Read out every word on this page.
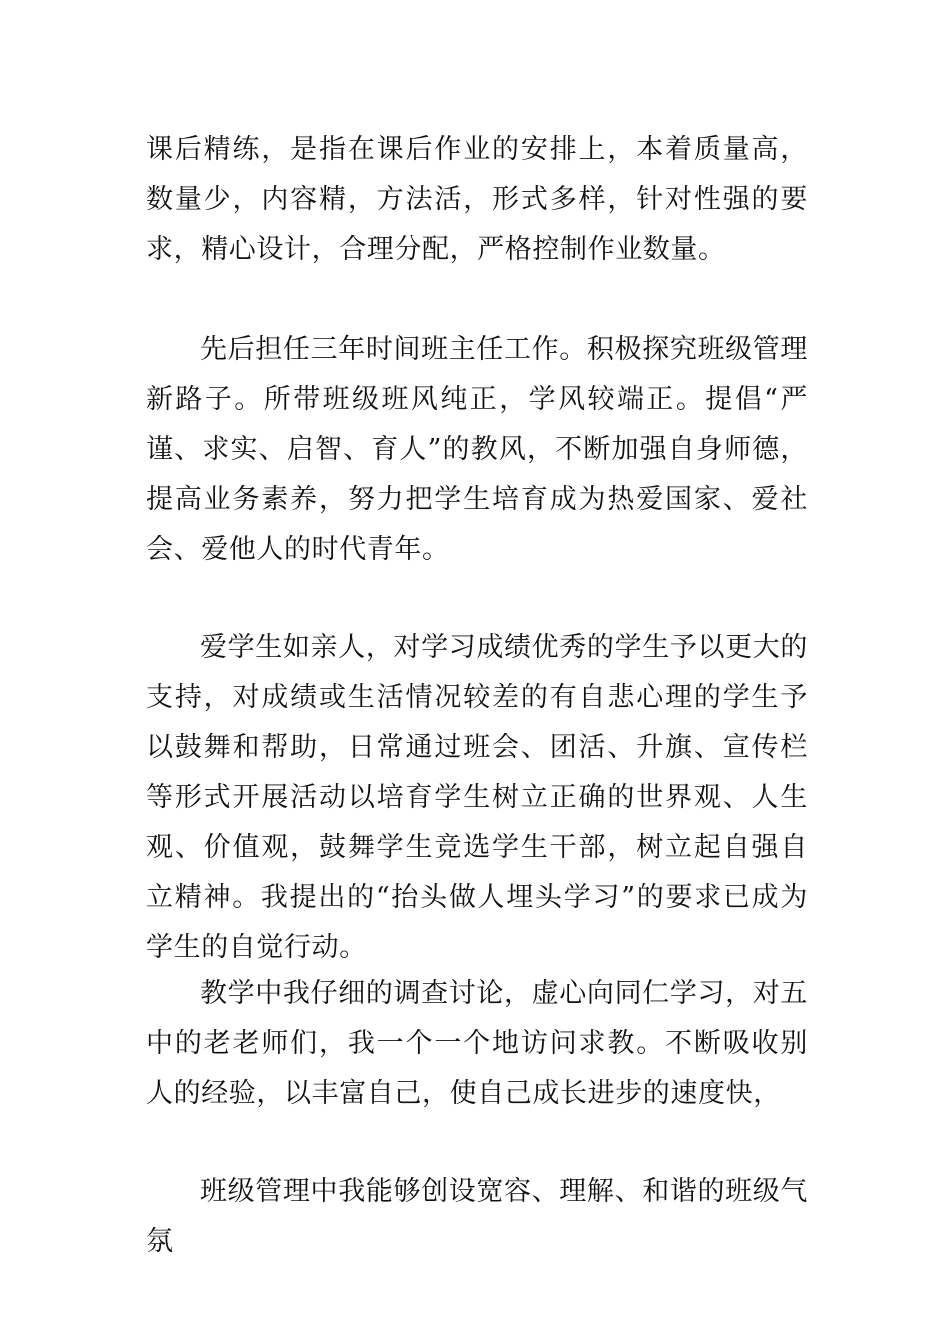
课后精练，是指在课后作业的安排上，本着质量高，数量少，内容精，方法活，形式多样，针对性强的要求，精心设计，合理分配，严格控制作业数量。

先后担任三年时间班主任工作。积极探究班级管理新路子。所带班级班风纯正，学风较端正。提倡“严谨、求实、启智、育人”的教风，不断加强自身师德，提高业务素养，努力把学生培育成为热爱国家、爱社会、爱他人的时代青年。

爱学生如亲人，对学习成绩优秀的学生予以更大的支持，对成绩或生活情况较差的有自悲心理的学生予以鼓舞和帮助，日常通过班会、团活、升旗、宣传栏等形式开展活动以培育学生树立正确的世界观、人生观、价值观，鼓舞学生竞选学生干部，树立起自强自立精神。我提出的“抬头做人埋头学习”的要求已成为学生的自觉行动。

教学中我仔细的调查讨论，虚心向同仁学习，对五中的老老师们，我一个一个地访问求教。不断吸收别人的经验，以丰富自己，使自己成长进步的速度快，

班级管理中我能够创设宽容、理解、和谐的班级气氛
